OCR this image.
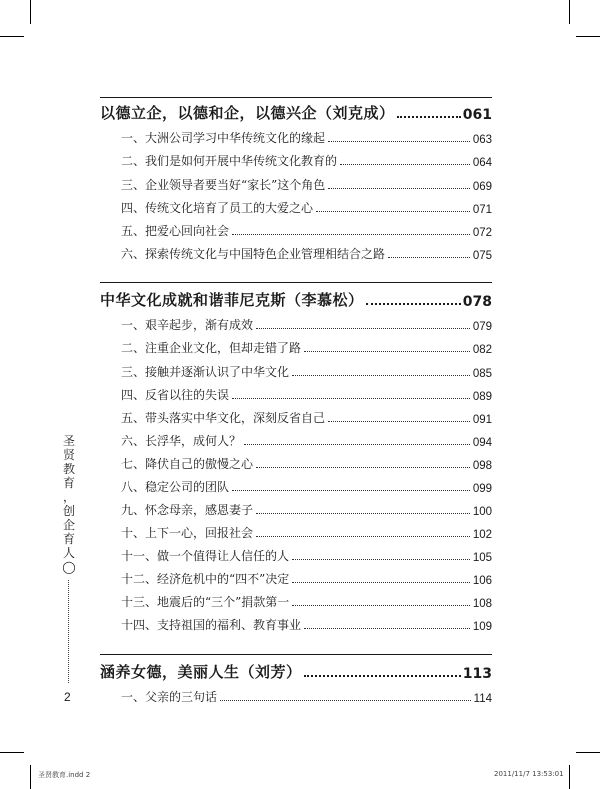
以德立企，以德和企，以德兴企（刘克成）	061
一、大洲公司学习中华传统文化的缘起	063
二、我们是如何开展中华传统文化教育的	064
三、企业领导者要当好“家长”这个角色	069
四、传统文化培育了员工的大爱之心	071
五、把爱心回向社会	072
六、探索传统文化与中国特色企业管理相结合之路	075
中华文化成就和谐菲尼克斯（李慕松）	078
一、艰辛起步，渐有成效	079
二、注重企业文化，但却走错了路	082
三、接触并逐渐认识了中华文化	085
四、反省以往的失误	089
五、带头落实中华文化，深刻反省自己	091
六、长浮华，成何人？	094
七、降伏自己的傲慢之心	098
八、稳定公司的团队	099
九、怀念母亲，感恩妻子	100
十、上下一心，回报社会	102
十一、做一个值得让人信任的人	105
十二、经济危机中的“四不”决定	106
十三、地震后的“三个”捐款第一	108
十四、支持祖国的福利、教育事业	109
涵养女德，美丽人生（刘芳）	113
一、父亲的三句话	114
圣
贤
教
育
，
创
企
育
人
◯
2
圣贤教育.indd 2	2011/11/7 13:53:01
